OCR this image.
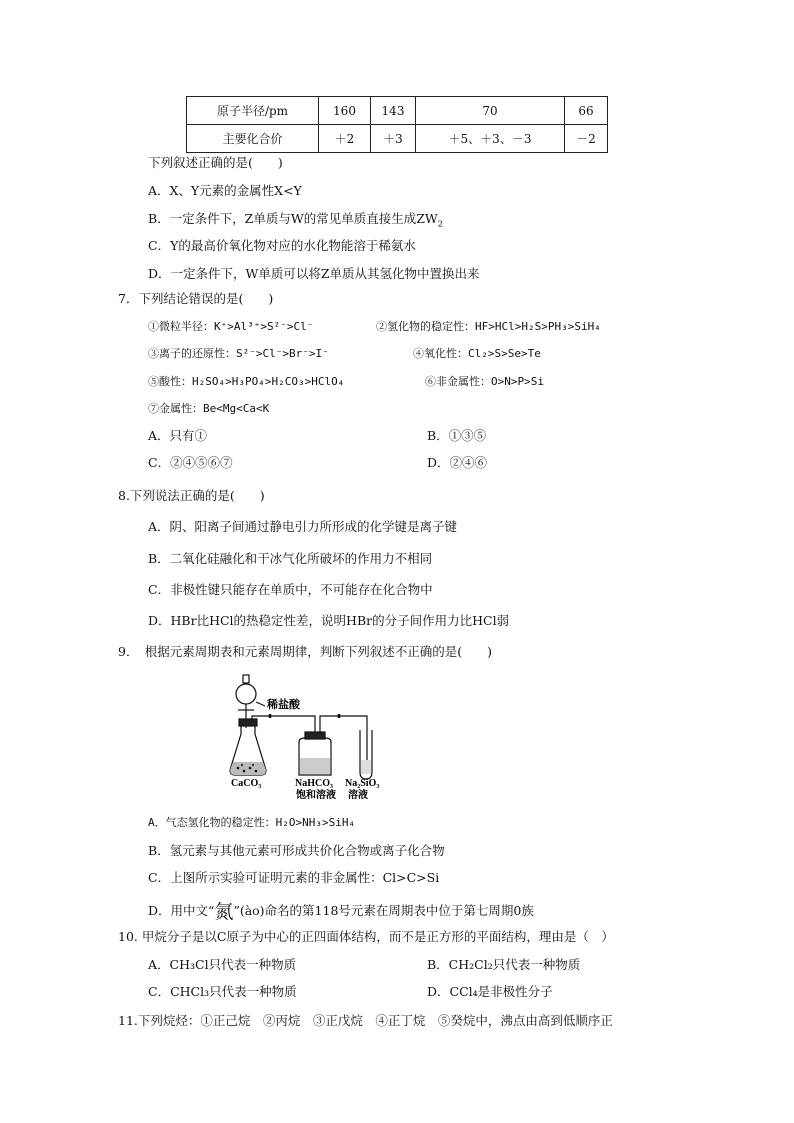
原子半径/pm	160	143	70	66
主要化合价	＋2	＋3	＋5、＋3、－3	－2
下列叙述正确的是(　　)
A．X、Y元素的金属性X<Y
B．一定条件下，Z单质与W的常见单质直接生成$ZW_2$
C．Y的最高价氧化物对应的水化物能溶于稀氨水
D．一定条件下，W单质可以将Z单质从其氢化物中置换出来
7．下列结论错误的是(　　)
①微粒半径：K⁺>Al³⁺>S²⁻>Cl⁻	②氢化物的稳定性：HF>HCl>H₂S>PH₃>SiH₄
③离子的还原性：S²⁻>Cl⁻>Br⁻>I⁻	④氧化性：Cl₂>S>Se>Te
⑤酸性：H₂SO₄>H₃PO₄>H₂CO₃>HClO₄	⑥非金属性：O>N>P>Si
⑦金属性：Be<Mg<Ca<K
A．只有①	B．①③⑤
C．②④⑤⑥⑦	D．②④⑥
8.下列说法正确的是(　　)
A．阴、阳离子间通过静电引力所形成的化学键是离子键
B．二氧化硅融化和干冰气化所破坏的作用力不相同
C．非极性键只能存在单质中，不可能存在化合物中
D．HBr比HCl的热稳定性差，说明HBr的分子间作用力比HCl弱
9．　根据元素周期表和元素周期律，判断下列叙述不正确的是(　　)
稀盐酸
CaCO₃	NaHCO₃ Na₂SiO₃
饱和溶液 溶液
A．气态氢化物的稳定性：H₂O>NH₃>SiH₄
B．氢元素与其他元素可形成共价化合物或离子化合物
C．上图所示实验可证明元素的非金属性：Cl>C>Si
D．用中文“氮”(ào)命名的第118号元素在周期表中位于第七周期0族
10. 甲烷分子是以C原子为中心的正四面体结构，而不是正方形的平面结构，理由是（　）
A．CH₃Cl只代表一种物质	B．CH₂Cl₂只代表一种物质
C．CHCl₃只代表一种物质	D．CCl₄是非极性分子
11.下列烷烃：①正己烷　②丙烷　③正戊烷　④正丁烷　⑤癸烷中，沸点由高到低顺序正
